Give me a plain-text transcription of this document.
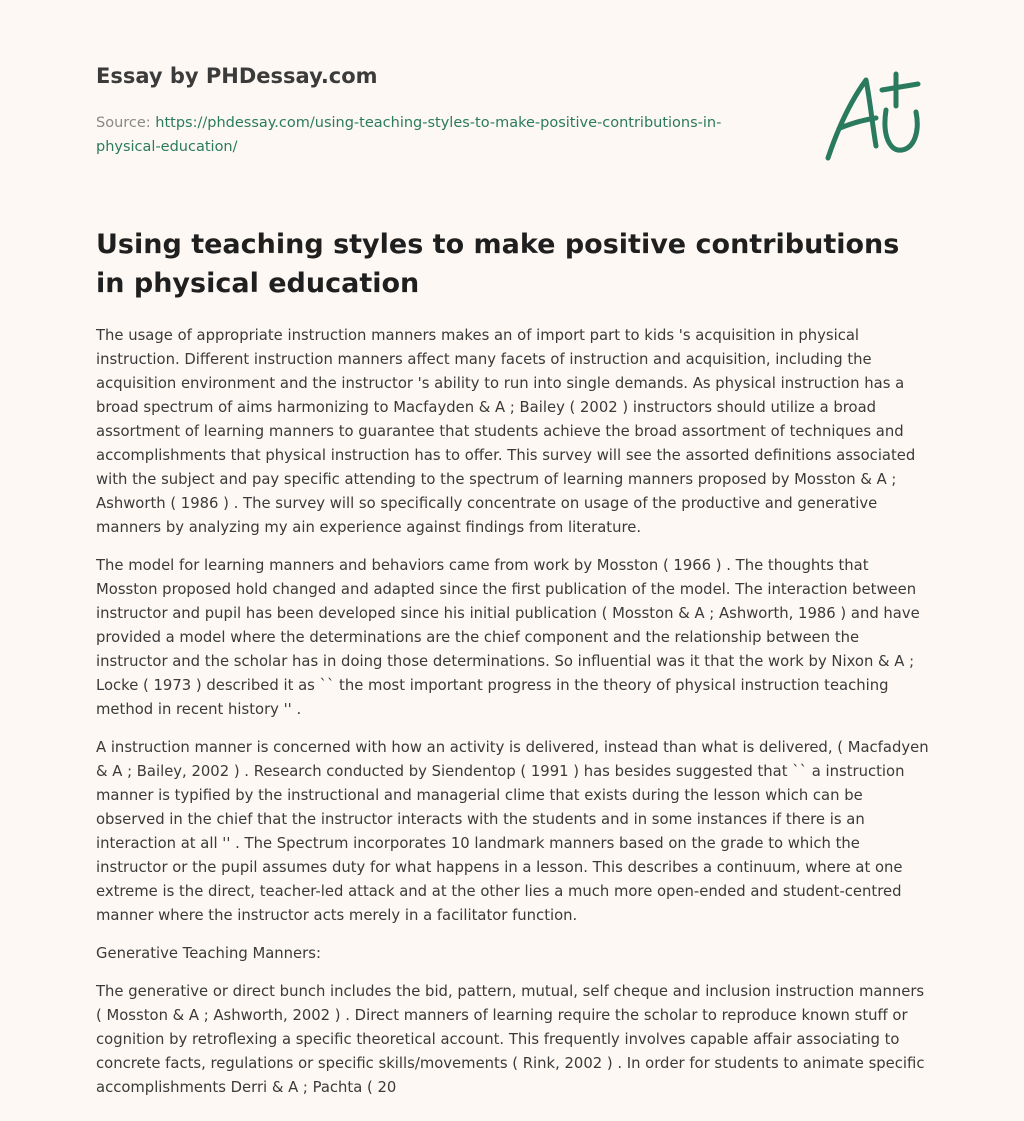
Essay by PHDessay.com
Source: https://phdessay.com/using-teaching-styles-to-make-positive-contributions-in-physical-education/
Using teaching styles to make positive contributions in physical education

The usage of appropriate instruction manners makes an of import part to kids 's acquisition in physical instruction. Different instruction manners affect many facets of instruction and acquisition, including the acquisition environment and the instructor 's ability to run into single demands. As physical instruction has a broad spectrum of aims harmonizing to Macfayden & A ; Bailey ( 2002 ) instructors should utilize a broad assortment of learning manners to guarantee that students achieve the broad assortment of techniques and accomplishments that physical instruction has to offer. This survey will see the assorted definitions associated with the subject and pay specific attending to the spectrum of learning manners proposed by Mosston & A ; Ashworth ( 1986 ) . The survey will so specifically concentrate on usage of the productive and generative manners by analyzing my ain experience against findings from literature.

The model for learning manners and behaviors came from work by Mosston ( 1966 ) . The thoughts that Mosston proposed hold changed and adapted since the first publication of the model. The interaction between instructor and pupil has been developed since his initial publication ( Mosston & A ; Ashworth, 1986 ) and have provided a model where the determinations are the chief component and the relationship between the instructor and the scholar has in doing those determinations. So influential was it that the work by Nixon & A ; Locke ( 1973 ) described it as `` the most important progress in the theory of physical instruction teaching method in recent history '' .

A instruction manner is concerned with how an activity is delivered, instead than what is delivered, ( Macfadyen & A ; Bailey, 2002 ) . Research conducted by Siendentop ( 1991 ) has besides suggested that `` a instruction manner is typified by the instructional and managerial clime that exists during the lesson which can be observed in the chief that the instructor interacts with the students and in some instances if there is an interaction at all '' . The Spectrum incorporates 10 landmark manners based on the grade to which the instructor or the pupil assumes duty for what happens in a lesson. This describes a continuum, where at one extreme is the direct, teacher-led attack and at the other lies a much more open-ended and student-centred manner where the instructor acts merely in a facilitator function.

Generative Teaching Manners:

The generative or direct bunch includes the bid, pattern, mutual, self cheque and inclusion instruction manners ( Mosston & A ; Ashworth, 2002 ) . Direct manners of learning require the scholar to reproduce known stuff or cognition by retroflexing a specific theoretical account. This frequently involves capable affair associating to concrete facts, regulations or specific skills/movements ( Rink, 2002 ) . In order for students to animate specific accomplishments Derri & A ; Pachta ( 20
